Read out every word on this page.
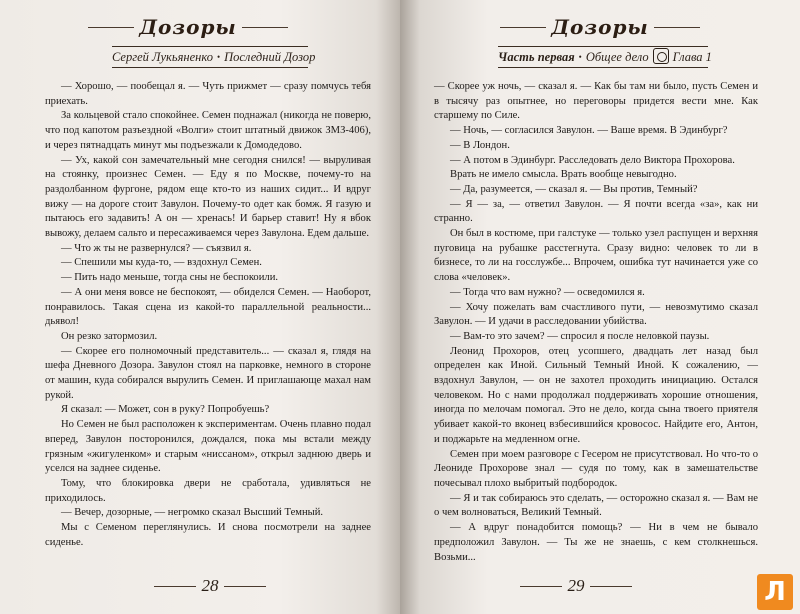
Дозоры
Сергей Лукьяненко • Последний Дозор

— Хорошо, — пообещал я. — Чуть прижмет — сразу помчусь тебя приехать.

За кольцевой стало спокойнее. Семен поднажал (никогда не поверю, что под капотом разъездной «Волги» стоит штатный движок ЗМЗ-406), и через пятнадцать минут мы подъезжали к Домодедово.

— Ух, какой сон замечательный мне сегодня снился! — выруливая на стоянку, произнес Семен. — Еду я по Москве, почему-то на раздолбанном фургоне, рядом еще кто-то из наших сидит... И вдруг вижу — на дороге стоит Завулон. Почему-то одет как бомж. Я газую и пытаюсь его задавить! А он — хренась! И барьер ставит! Ну я вбок вывожу, делаем сальто и пересаживаемся через Завулона. Едем дальше.

— Что ж ты не развернулся? — съязвил я.

— Спешили мы куда-то, — вздохнул Семен.

— Пить надо меньше, тогда сны не беспокоили.

— А они меня вовсе не беспокоят, — обиделся Семен. — Наоборот, понравилось. Такая сцена из какой-то параллельной реальности... дьявол!

Он резко затормозил.

— Скорее его полномочный представитель... — сказал я, глядя на шефа Дневного Дозора. Завулон стоял на парковке, немного в стороне от машин, куда собирался вырулить Семен. И приглашающе махал нам рукой.

Я сказал: — Может, сон в руку? Попробуешь?

Но Семен не был расположен к экспериментам. Очень плавно подал вперед, Завулон посторонился, дождался, пока мы встали между грязным «жигуленком» и старым «ниссаном», открыл заднюю дверь и уселся на заднее сиденье.

Тому, что блокировка двери не сработала, удивляться не приходилось.

— Вечер, дозорные, — негромко сказал Высший Темный.

Мы с Семеном переглянулись. И снова посмотрели на заднее сиденье.

28
Дозоры
Часть первая • Общее дело Глава 1

— Скорее уж ночь, — сказал я. — Как бы там ни было, пусть Семен и в тысячу раз опытнее, но переговоры придется вести мне. Как старшему по Силе.

— Ночь, — согласился Завулон. — Ваше время. В Эдинбург?

— В Лондон.

— А потом в Эдинбург. Расследовать дело Виктора Прохорова.

Врать не имело смысла. Врать вообще невыгодно.

— Да, разумеется, — сказал я. — Вы против, Темный?

— Я — за, — ответил Завулон. — Я почти всегда «за», как ни странно.

Он был в костюме, при галстуке — только узел распущен и верхняя пуговица на рубашке расстегнута. Сразу видно: человек то ли в бизнесе, то ли на госслужбе... Впрочем, ошибка тут начинается уже со слова «человек».

— Тогда что вам нужно? — осведомился я.

— Хочу пожелать вам счастливого пути, — невозмутимо сказал Завулон. — И удачи в расследовании убийства.

— Вам-то это зачем? — спросил я после неловкой паузы.

Леонид Прохоров, отец усопшего, двадцать лет назад был определен как Иной. Сильный Темный Иной. К сожалению, — вздохнул Завулон, — он не захотел проходить инициацию. Остался человеком. Но с нами продолжал поддерживать хорошие отношения, иногда по мелочам помогал. Это не дело, когда сына твоего приятеля убивает какой-то вконец взбесившийся кровосос. Найдите его, Антон, и поджарьте на медленном огне.

Семен при моем разговоре с Гесером не присутствовал. Но что-то о Леониде Прохорове знал — судя по тому, как в замешательстве почесывал плохо выбритый подбородок.

— Я и так собираюсь это сделать, — осторожно сказал я. — Вам не о чем волноваться, Великий Темный.

— А вдруг понадобится помощь? — Ни в чем не бывало предположил Завулон. — Ты же не знаешь, с кем столкнешься. Возьми...

29	Л
